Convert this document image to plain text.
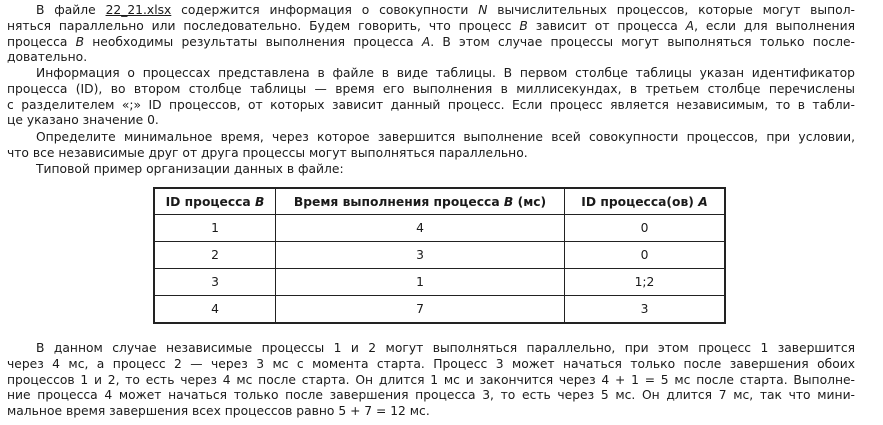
В файле 22_21.xlsx содержится информация о совокупности N вычислительных процессов, которые могут выпол-
няться параллельно или последовательно. Будем говорить, что процесс B зависит от процесса A, если для выполнения
процесса B необходимы результаты выполнения процесса A. В этом случае процессы могут выполняться только после-
довательно.
Информация о процессах представлена в файле в виде таблицы. В первом столбце таблицы указан идентификатор
процесса (ID), во втором столбце таблицы — время его выполнения в миллисекундах, в третьем столбце перечислены
с разделителем «;» ID процессов, от которых зависит данный процесс. Если процесс является независимым, то в табли-
це указано значение 0.
Определите минимальное время, через которое завершится выполнение всей совокупности процессов, при условии,
что все независимые друг от друга процессы могут выполняться параллельно.
Типовой пример организации данных в файле:
ID процесса B	Время выполнения процесса B (мс)	ID процесса(ов) A
1	4	0
2	3	0
3	1	1;2
4	7	3
В данном случае независимые процессы 1 и 2 могут выполняться параллельно, при этом процесс 1 завершится
через 4 мс, а процесс 2 — через 3 мс с момента старта. Процесс 3 может начаться только после завершения обоих
процессов 1 и 2, то есть через 4 мс после старта. Он длится 1 мс и закончится через 4 + 1 = 5 мс после старта. Выполне-
ние процесса 4 может начаться только после завершения процесса 3, то есть через 5 мс. Он длится 7 мс, так что мини-
мальное время завершения всех процессов равно 5 + 7 = 12 мс.
